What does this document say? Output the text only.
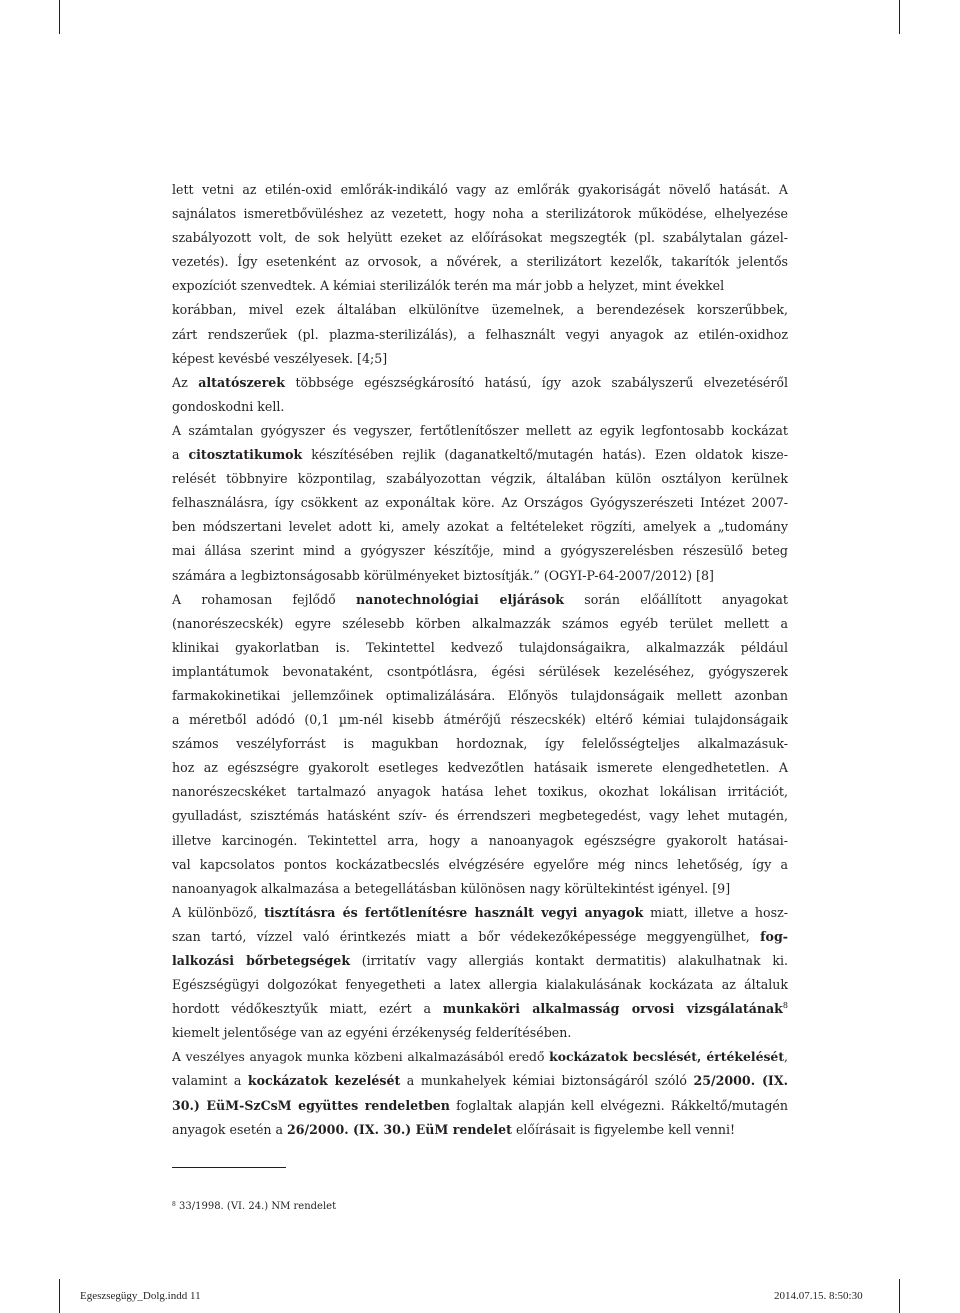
lett vetni az etilén-oxid emlőrák-indikáló vagy az emlőrák gyakoriságát növelő hatását. A
sajnálatos ismeretbővüléshez az vezetett, hogy noha a sterilizátorok működése, elhelyezése
szabályozott volt, de sok helyütt ezeket az előírásokat megszegték (pl. szabálytalan gázel-
vezetés). Így esetenként az orvosok, a nővérek, a sterilizátort kezelők, takarítók jelentős
expozíciót szenvedtek. A kémiai sterilizálók terén ma már jobb a helyzet, mint évekkel
korábban, mivel ezek általában elkülönítve üzemelnek, a berendezések korszerűbbek,
zárt rendszerűek (pl. plazma-sterilizálás), a felhasznált vegyi anyagok az etilén-oxidhoz
képest kevésbé veszélyesek. [4;5]
Az altatószerek többsége egészségkárosító hatású, így azok szabályszerű elvezetéséről
gondoskodni kell.
A számtalan gyógyszer és vegyszer, fertőtlenítőszer mellett az egyik legfontosabb kockázat
a citosztatikumok készítésében rejlik (daganatkeltő/mutagén hatás). Ezen oldatok kisze-
relését többnyire központilag, szabályozottan végzik, általában külön osztályon kerülnek
felhasználásra, így csökkent az exponáltak köre. Az Országos Gyógyszerészeti Intézet 2007-
ben módszertani levelet adott ki, amely azokat a feltételeket rögzíti, amelyek a „tudomány
mai állása szerint mind a gyógyszer készítője, mind a gyógyszerelésben részesülő beteg
számára a legbiztonságosabb körülményeket biztosítják.” (OGYI-P-64-2007/2012) [8]
A rohamosan fejlődő nanotechnológiai eljárások során előállított anyagokat
(nanorészecskék) egyre szélesebb körben alkalmazzák számos egyéb terület mellett a
klinikai gyakorlatban is. Tekintettel kedvező tulajdonságaikra, alkalmazzák például
implantátumok bevonataként, csontpótlásra, égési sérülések kezeléséhez, gyógyszerek
farmakokinetikai jellemzőinek optimalizálására. Előnyös tulajdonságaik mellett azonban
a méretből adódó (0,1 µm-nél kisebb átmérőjű részecskék) eltérő kémiai tulajdonságaik
számos veszélyforrást is magukban hordoznak, így felelősségteljes alkalmazásuk-
hoz az egészségre gyakorolt esetleges kedvezőtlen hatásaik ismerete elengedhetetlen. A
nanorészecskéket tartalmazó anyagok hatása lehet toxikus, okozhat lokálisan irritációt,
gyulladást, szisztémás hatásként szív- és érrendszeri megbetegedést, vagy lehet mutagén,
illetve karcinogén. Tekintettel arra, hogy a nanoanyagok egészségre gyakorolt hatásai-
val kapcsolatos pontos kockázatbecslés elvégzésére egyelőre még nincs lehetőség, így a
nanoanyagok alkalmazása a betegellátásban különösen nagy körültekintést igényel. [9]
A különböző, tisztításra és fertőtlenítésre használt vegyi anyagok miatt, illetve a hosz-
szan tartó, vízzel való érintkezés miatt a bőr védekezőképessége meggyengülhet, fog-
lalkozási bőrbetegségek (irritatív vagy allergiás kontakt dermatitis) alakulhatnak ki.
Egészségügyi dolgozókat fenyegetheti a latex allergia kialakulásának kockázata az általuk
hordott védőkesztyűk miatt, ezért a munkaköri alkalmasság orvosi vizsgálatának$^8$
kiemelt jelentősége van az egyéni érzékenység felderítésében.
A veszélyes anyagok munka közbeni alkalmazásából eredő kockázatok becslését, értékelését,
valamint a kockázatok kezelését a munkahelyek kémiai biztonságáról szóló 25/2000. (IX.
30.) EüM-SzCsM együttes rendeletben foglaltak alapján kell elvégezni. Rákkeltő/mutagén
anyagok esetén a 26/2000. (IX. 30.) EüM rendelet előírásait is figyelembe kell venni!
$^8$ 33/1998. (VI. 24.) NM rendelet
Egeszsegügy_Dolg.indd 11	2014.07.15. 8:50:30
